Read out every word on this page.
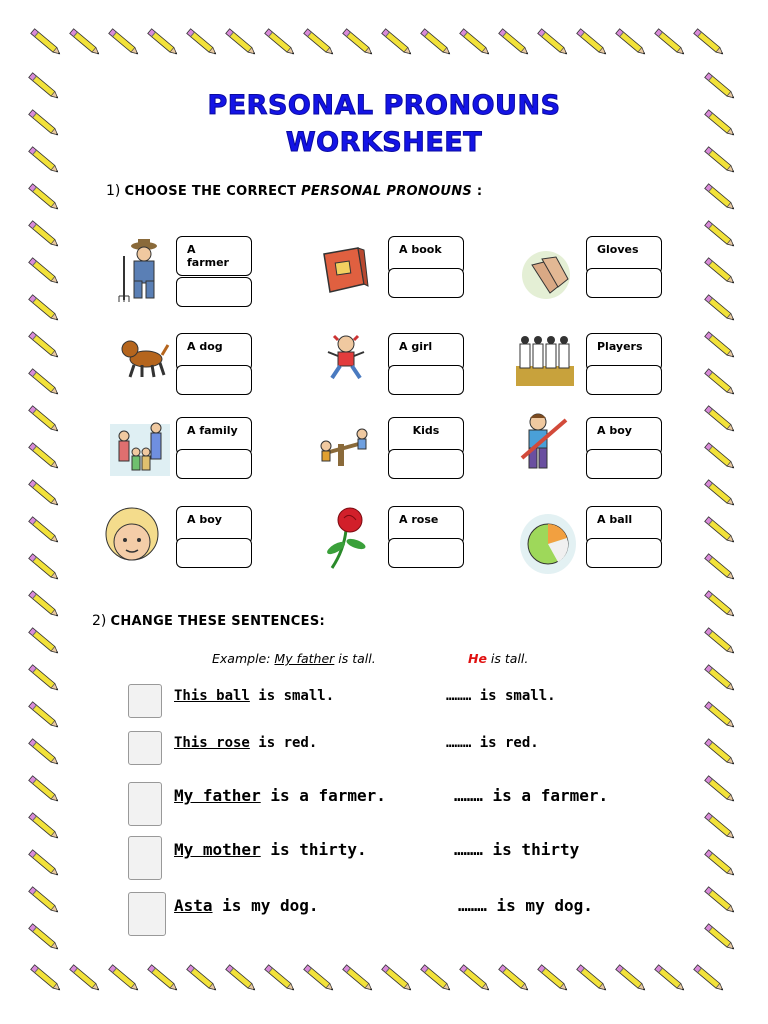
PERSONAL PRONOUNS
WORKSHEET
1) CHOOSE THE CORRECT PERSONAL PRONOUNS :
A farmer
A book	Gloves
A dog	A girl	Players
A family	Kids	A boy
A boy	A rose	A ball
2) CHANGE THESE SENTENCES:
Example: My father is tall.	He is tall.
This ball is small.	……… is small.
This rose is red.	……… is red.
My father is a farmer.	……… is a farmer.
My mother is thirty.	……… is thirty
Asta is my dog.	……… is my dog.
